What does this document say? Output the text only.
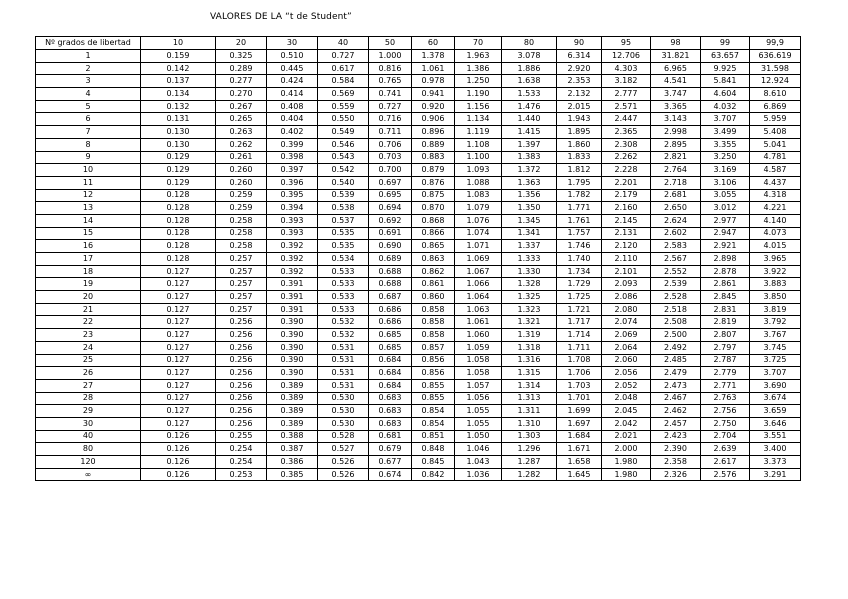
VALORES DE LA “t de Student”
Nº grados de libertad	10	20	30	40	50	60	70	80	90	95	98	99	99,9
1	0.159	0.325	0.510	0.727	1.000	1.378	1.963	3.078	6.314	12.706	31.821	63.657	636.619
2	0.142	0.289	0.445	0.617	0.816	1.061	1.386	1.886	2.920	4.303	6.965	9.925	31.598
3	0.137	0.277	0.424	0.584	0.765	0.978	1.250	1.638	2.353	3.182	4.541	5.841	12.924
4	0.134	0.270	0.414	0.569	0.741	0.941	1.190	1.533	2.132	2.777	3.747	4.604	8.610
5	0.132	0.267	0.408	0.559	0.727	0.920	1.156	1.476	2.015	2.571	3.365	4.032	6.869
6	0.131	0.265	0.404	0.550	0.716	0.906	1.134	1.440	1.943	2.447	3.143	3.707	5.959
7	0.130	0.263	0.402	0.549	0.711	0.896	1.119	1.415	1.895	2.365	2.998	3.499	5.408
8	0.130	0.262	0.399	0.546	0.706	0.889	1.108	1.397	1.860	2.308	2.895	3.355	5.041
9	0.129	0.261	0.398	0.543	0.703	0.883	1.100	1.383	1.833	2.262	2.821	3.250	4.781
10	0.129	0.260	0.397	0.542	0.700	0.879	1.093	1.372	1.812	2.228	2.764	3.169	4.587
11	0.129	0.260	0.396	0.540	0.697	0.876	1.088	1.363	1.795	2.201	2.718	3.106	4.437
12	0.128	0.259	0.395	0.539	0.695	0.875	1.083	1.356	1.782	2.179	2.681	3.055	4.318
13	0.128	0.259	0.394	0.538	0.694	0.870	1.079	1.350	1.771	2.160	2.650	3.012	4.221
14	0.128	0.258	0.393	0.537	0.692	0.868	1.076	1.345	1.761	2.145	2.624	2.977	4.140
15	0.128	0.258	0.393	0.535	0.691	0.866	1.074	1.341	1.757	2.131	2.602	2.947	4.073
16	0.128	0.258	0.392	0.535	0.690	0.865	1.071	1.337	1.746	2.120	2.583	2.921	4.015
17	0.128	0.257	0.392	0.534	0.689	0.863	1.069	1.333	1.740	2.110	2.567	2.898	3.965
18	0.127	0.257	0.392	0.533	0.688	0.862	1.067	1.330	1.734	2.101	2.552	2.878	3.922
19	0.127	0.257	0.391	0.533	0.688	0.861	1.066	1.328	1.729	2.093	2.539	2.861	3.883
20	0.127	0.257	0.391	0.533	0.687	0.860	1.064	1.325	1.725	2.086	2.528	2.845	3.850
21	0.127	0.257	0.391	0.533	0.686	0.858	1.063	1.323	1.721	2.080	2.518	2.831	3.819
22	0.127	0.256	0.390	0.532	0.686	0.858	1.061	1.321	1.717	2.074	2.508	2.819	3.792
23	0.127	0.256	0.390	0.532	0.685	0.858	1.060	1.319	1.714	2.069	2.500	2.807	3.767
24	0.127	0.256	0.390	0.531	0.685	0.857	1.059	1.318	1.711	2.064	2.492	2.797	3.745
25	0.127	0.256	0.390	0.531	0.684	0.856	1.058	1.316	1.708	2.060	2.485	2.787	3.725
26	0.127	0.256	0.390	0.531	0.684	0.856	1.058	1.315	1.706	2.056	2.479	2.779	3.707
27	0.127	0.256	0.389	0.531	0.684	0.855	1.057	1.314	1.703	2.052	2.473	2.771	3.690
28	0.127	0.256	0.389	0.530	0.683	0.855	1.056	1.313	1.701	2.048	2.467	2.763	3.674
29	0.127	0.256	0.389	0.530	0.683	0.854	1.055	1.311	1.699	2.045	2.462	2.756	3.659
30	0.127	0.256	0.389	0.530	0.683	0.854	1.055	1.310	1.697	2.042	2.457	2.750	3.646
40	0.126	0.255	0.388	0.528	0.681	0.851	1.050	1.303	1.684	2.021	2.423	2.704	3.551
80	0.126	0.254	0.387	0.527	0.679	0.848	1.046	1.296	1.671	2.000	2.390	2.639	3.400
120	0.126	0.254	0.386	0.526	0.677	0.845	1.043	1.287	1.658	1.980	2.358	2.617	3.373
∞	0.126	0.253	0.385	0.526	0.674	0.842	1.036	1.282	1.645	1.980	2.326	2.576	3.291
